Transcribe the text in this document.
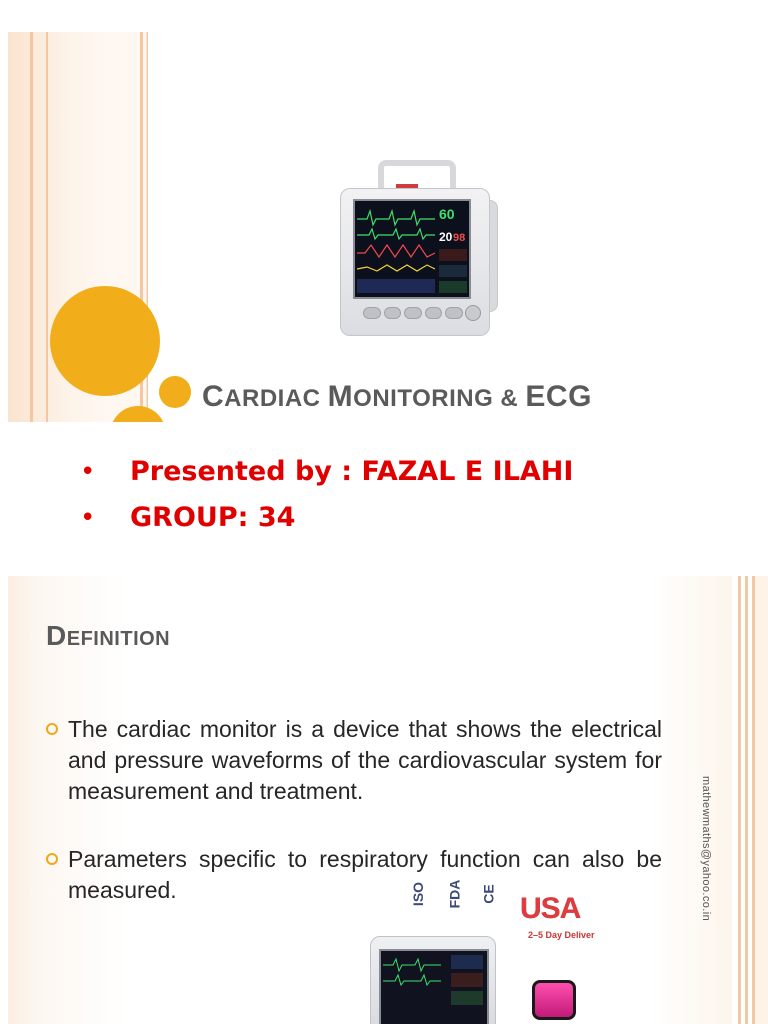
60
20 98
CARDIAC MONITORING & ECG
•	Presented by : FAZAL E ILAHI
•	GROUP: 34
DEFINITION
The cardiac monitor is a device that shows the electrical and pressure waveforms of the cardiovascular system for measurement and treatment.
Parameters specific to respiratory function can also be measured.	mathewmaths@yahoo.co.in
ISO FDA CE USA
2–5 Day Deliver
